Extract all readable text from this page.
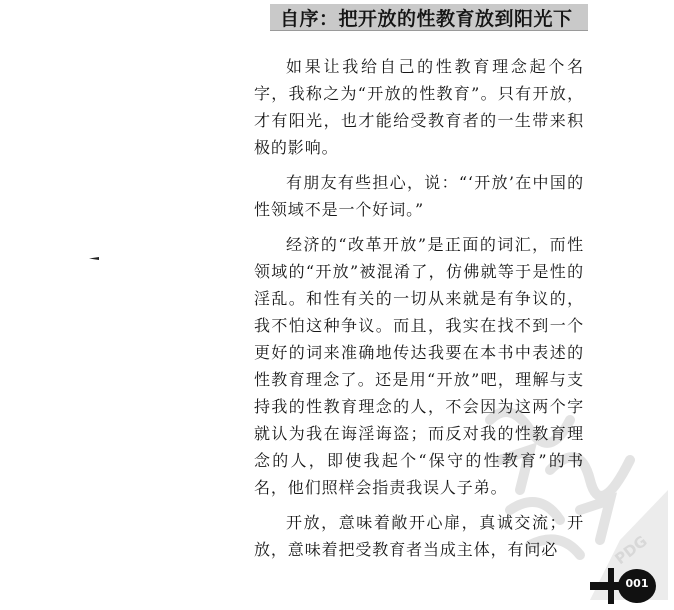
自序：把开放的性教育放到阳光下
PDG

如果让我给自己的性教育理念起个名字，我称之为“开放的性教育”。只有开放，才有阳光，也才能给受教育者的一生带来积极的影响。

有朋友有些担心，说：“‘开放’在中国的性领域不是一个好词。”

经济的“改革开放”是正面的词汇，而性领域的“开放”被混淆了，仿佛就等于是性的淫乱。和性有关的一切从来就是有争议的，我不怕这种争议。而且，我实在找不到一个更好的词来准确地传达我要在本书中表述的性教育理念了。还是用“开放”吧，理解与支持我的性教育理念的人，不会因为这两个字就认为我在诲淫诲盗；而反对我的性教育理念的人，即使我起个“保守的性教育”的书名，他们照样会指责我误人子弟。

开放，意味着敞开心扉，真诚交流；开放，意味着把受教育者当成主体，有问必

001
